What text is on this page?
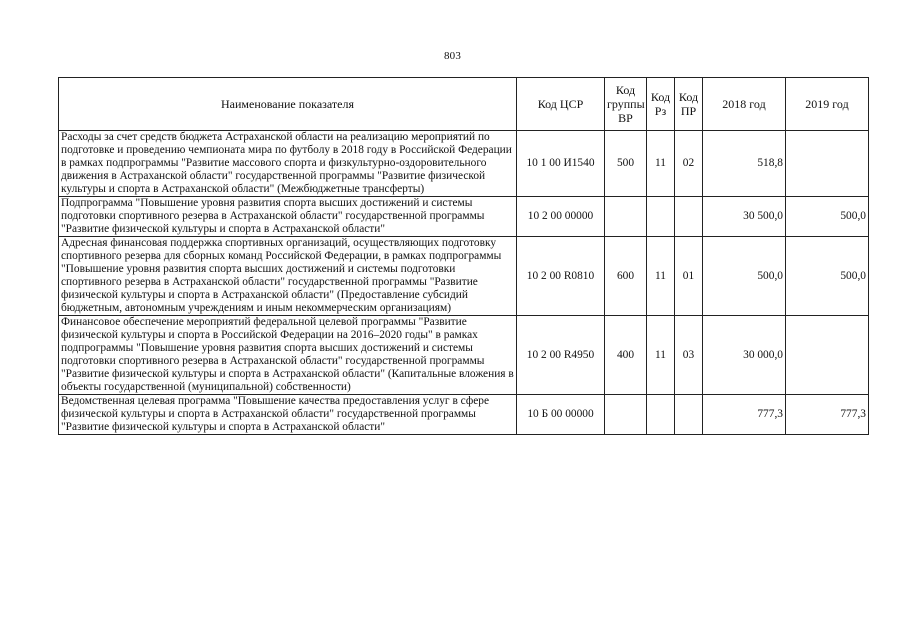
803
Наименование показателя	Код ЦСР	Код группы ВР	Код Рз	Код ПР	2018 год	2019 год
Расходы за счет средств бюджета Астраханской области на реализацию мероприятий по подготовке и проведению чемпионата мира по футболу в 2018 году в Российской Федерации в рамках подпрограммы "Развитие массового спорта и физкультурно-оздоровительного движения в Астраханской области" государственной программы "Развитие физической культуры и спорта в Астраханской области" (Межбюджетные трансферты)	10 1 00 И1540	500	11	02	518,8	
Подпрограмма "Повышение уровня развития спорта высших достижений и системы подготовки спортивного резерва в Астраханской области" государственной программы "Развитие физической культуры и спорта в Астраханской области"	10 2 00 00000				30 500,0	500,0
Адресная финансовая поддержка спортивных организаций, осуществляющих подготовку спортивного резерва для сборных команд Российской Федерации, в рамках подпрограммы "Повышение уровня развития спорта высших достижений и системы подготовки спортивного резерва в Астраханской области" государственной программы "Развитие физической культуры и спорта в Астраханской области" (Предоставление субсидий бюджетным, автономным учреждениям и иным некоммерческим организациям)	10 2 00 R0810	600	11	01	500,0	500,0
Финансовое обеспечение мероприятий федеральной целевой программы "Развитие физической культуры и спорта в Российской Федерации на 2016–2020 годы" в рамках подпрограммы "Повышение уровня развития спорта высших достижений и системы подготовки спортивного резерва в Астраханской области" государственной программы "Развитие физической культуры и спорта в Астраханской области" (Капитальные вложения в объекты государственной (муниципальной) собственности)	10 2 00 R4950	400	11	03	30 000,0	
Ведомственная целевая программа "Повышение качества предоставления услуг в сфере физической культуры и спорта в Астраханской области" государственной программы "Развитие физической культуры и спорта в Астраханской области"	10 Б 00 00000				777,3	777,3
